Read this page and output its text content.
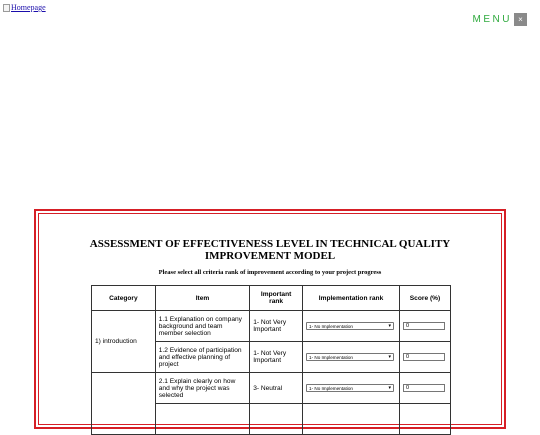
Homepage
MENU ×
ASSESSMENT OF EFFECTIVENESS LEVEL IN TECHNICAL QUALITY IMPROVEMENT MODEL
Please select all criteria rank of improvement according to your project progress
Category	Item	Important rank	Implementation rank	Score (%)
1) introduction	1.1 Explanation on company background and team member selection	1- Not Very Important	1- No Implementation ▾	0

	1.2 Evidence of participation and effective planning of project	1- Not Very Important	1- No Implementation ▾	0

	2.1 Explain clearly on how and why the project was selected	3- Neutral	1- No Implementation ▾	0
